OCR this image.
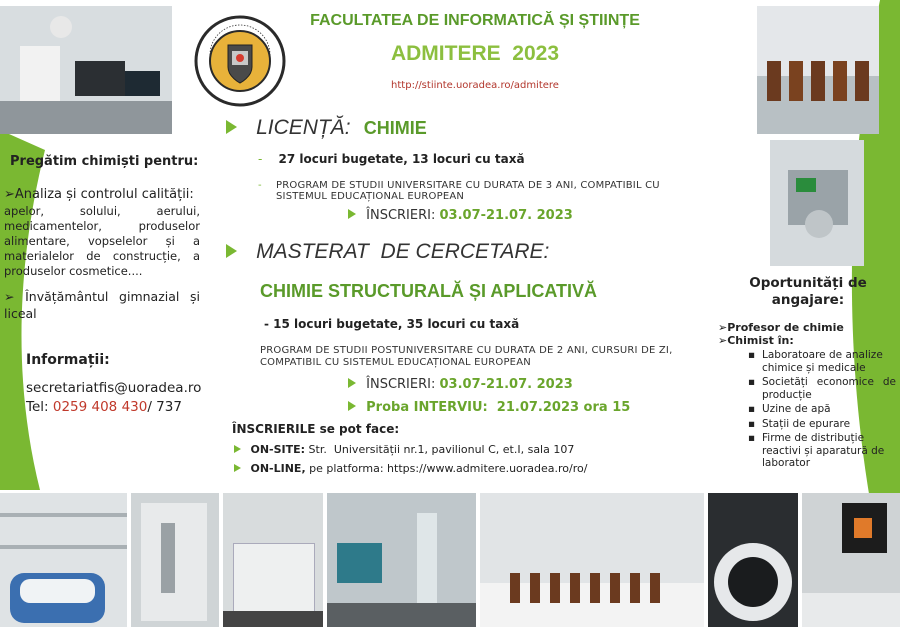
FACULTATEA DE INFORMATICĂ ȘI ȘTIINȚE
ADMITERE  2023
http://stiinte.uoradea.ro/admitere
LICENȚĂ: CHIMIE
- 27 locuri bugetate, 13 locuri cu taxă
- PROGRAM DE STUDII UNIVERSITARE CU DURATA DE 3 ANI, COMPATIBIL CU SISTEMUL EDUCAȚIONAL EUROPEAN
ÎNSCRIERI: 03.07-21.07. 2023
MASTERAT  DE CERCETARE:
CHIMIE STRUCTURALĂ ȘI APLICATIVĂ
- 15 locuri bugetate, 35 locuri cu taxă
PROGRAM DE STUDII POSTUNIVERSITARE CU DURATA DE 2 ANI, CURSURI DE ZI, COMPATIBIL CU SISTEMUL EDUCAȚIONAL EUROPEAN
ÎNSCRIERI: 03.07-21.07. 2023
Proba INTERVIU:  21.07.2023 ora 15
ÎNSCRIERILE se pot face:
ON-SITE: Str.  Universității nr.1, pavilionul C, et.I, sala 107
ON-LINE, pe platforma: https://www.admitere.uoradea.ro/ro/
Pregătim chimiști pentru:
➢Analiza și controlul calității:
apelor, solului, aerului, medicamentelor, produselor alimentare, vopselelor și a materialelor de construcție, a produselor cosmetice....
➢ Învățământul gimnazial și liceal
Informații:
secretariatfis@uoradea.ro
Tel: 0259 408 430/ 737
Oportunități de angajare:
➢Profesor de chimie
➢Chimist în:
▪ Laboratoare de analize chimice și medicale
▪ Societăți economice de producție
▪ Uzine de apă
▪ Stații de epurare
▪ Firme de distribuție reactivi și aparatură de laborator
